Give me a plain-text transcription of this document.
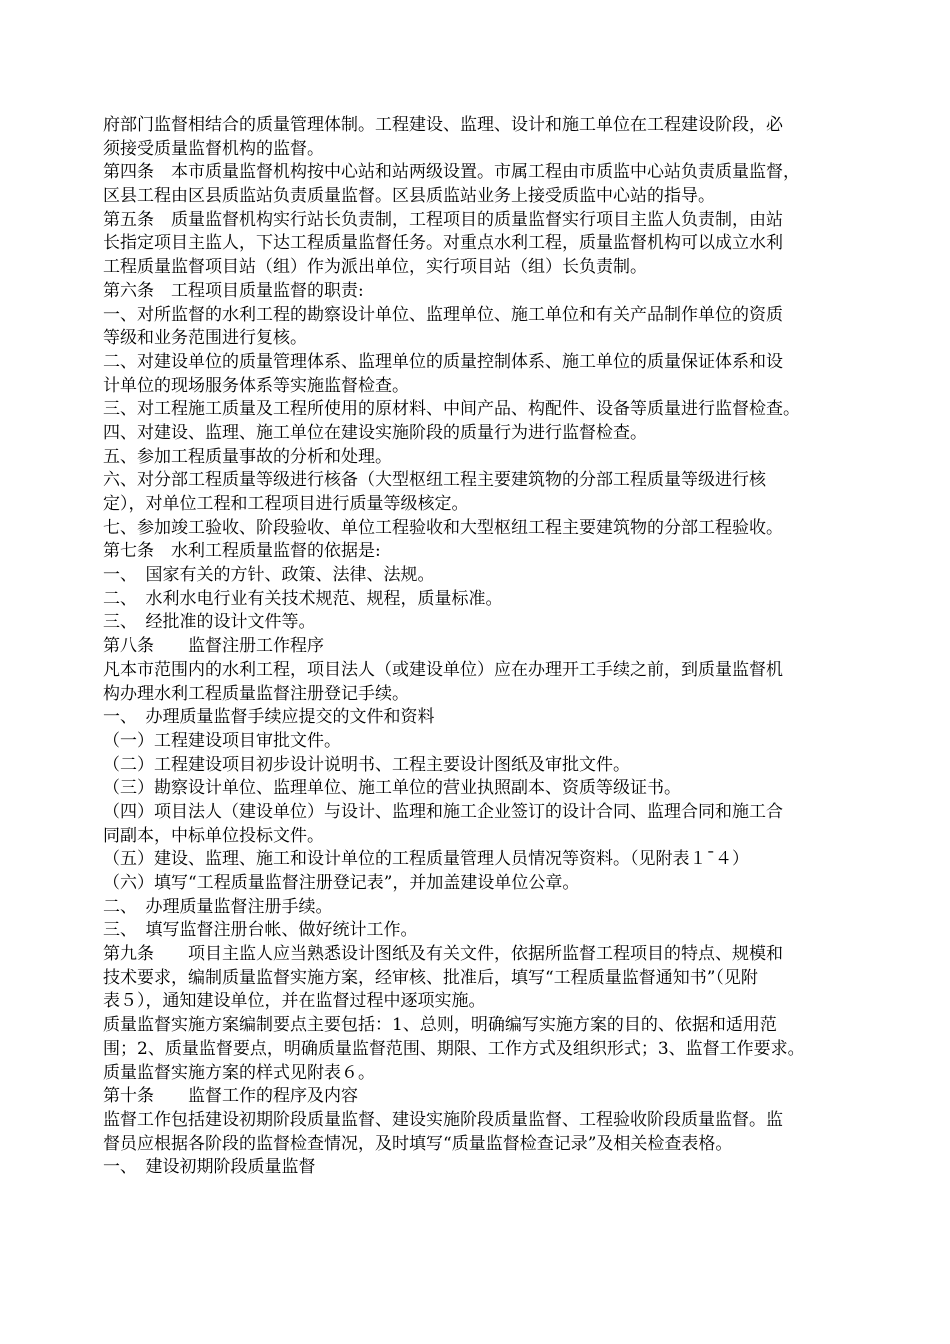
府部门监督相结合的质量管理体制。工程建设、监理、设计和施工单位在工程建设阶段，必
须接受质量监督机构的监督。
第四条　本市质量监督机构按中心站和站两级设置。市属工程由市质监中心站负责质量监督，
区县工程由区县质监站负责质量监督。区县质监站业务上接受质监中心站的指导。
第五条　质量监督机构实行站长负责制，工程项目的质量监督实行项目主监人负责制，由站
长指定项目主监人，下达工程质量监督任务。对重点水利工程，质量监督机构可以成立水利
工程质量监督项目站（组）作为派出单位，实行项目站（组）长负责制。
第六条　工程项目质量监督的职责:
一、对所监督的水利工程的勘察设计单位、监理单位、施工单位和有关产品制作单位的资质
等级和业务范围进行复核。
二、对建设单位的质量管理体系、监理单位的质量控制体系、施工单位的质量保证体系和设
计单位的现场服务体系等实施监督检查。
三、对工程施工质量及工程所使用的原材料、中间产品、构配件、设备等质量进行监督检查。
四、对建设、监理、施工单位在建设实施阶段的质量行为进行监督检查。
五、参加工程质量事故的分析和处理。
六、对分部工程质量等级进行核备（大型枢纽工程主要建筑物的分部工程质量等级进行核
定），对单位工程和工程项目进行质量等级核定。
七、参加竣工验收、阶段验收、单位工程验收和大型枢纽工程主要建筑物的分部工程验收。
第七条　水利工程质量监督的依据是:
一、　国家有关的方针、政策、法律、法规。
二、　水利水电行业有关技术规范、规程，质量标准。
三、　经批准的设计文件等。
第八条　　监督注册工作程序
凡本市范围内的水利工程，项目法人（或建设单位）应在办理开工手续之前，到质量监督机
构办理水利工程质量监督注册登记手续。
一、　办理质量监督手续应提交的文件和资料
（一）工程建设项目审批文件。
（二）工程建设项目初步设计说明书、工程主要设计图纸及审批文件。
（三）勘察设计单位、监理单位、施工单位的营业执照副本、资质等级证书。
（四）项目法人（建设单位）与设计、监理和施工企业签订的设计合同、监理合同和施工合
同副本，中标单位投标文件。
（五）建设、监理、施工和设计单位的工程质量管理人员情况等资料。（见附表１¯４）
（六）填写“工程质量监督注册登记表”，并加盖建设单位公章。
二、　办理质量监督注册手续。
三、　填写监督注册台帐、做好统计工作。
第九条　　项目主监人应当熟悉设计图纸及有关文件，依据所监督工程项目的特点、规模和
技术要求，编制质量监督实施方案，经审核、批准后，填写“工程质量监督通知书”（见附
表５），通知建设单位，并在监督过程中逐项实施。
质量监督实施方案编制要点主要包括：1、总则，明确编写实施方案的目的、依据和适用范
围；2、质量监督要点，明确质量监督范围、期限、工作方式及组织形式；3、监督工作要求。
质量监督实施方案的样式见附表６。
第十条　　监督工作的程序及内容
监督工作包括建设初期阶段质量监督、建设实施阶段质量监督、工程验收阶段质量监督。监
督员应根据各阶段的监督检查情况，及时填写“质量监督检查记录”及相关检查表格。
一、　建设初期阶段质量监督
